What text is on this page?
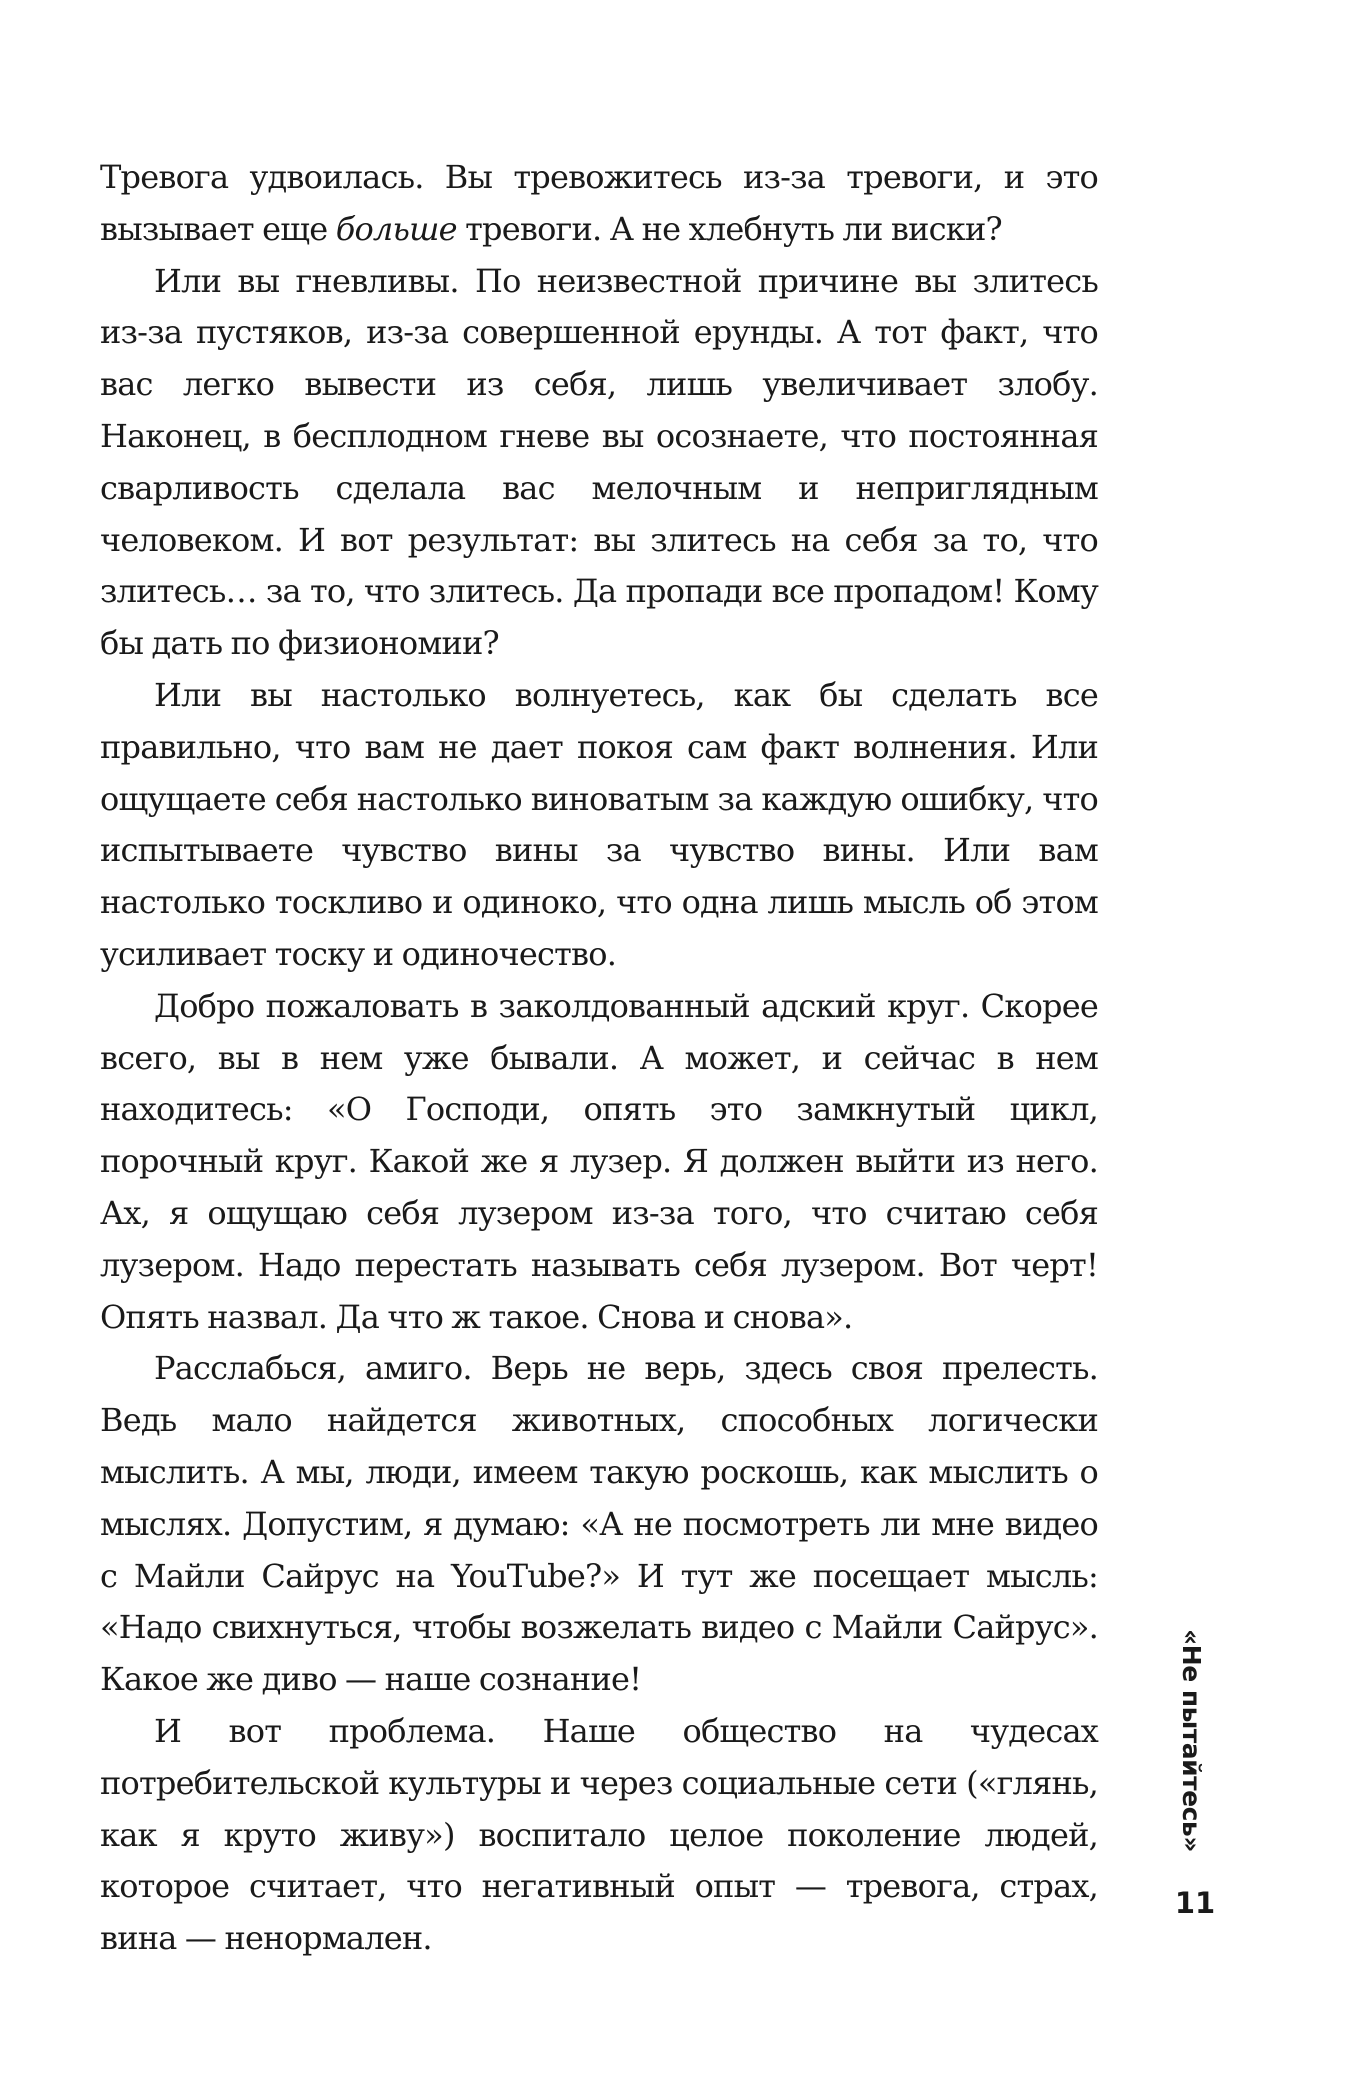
Тревога удвоилась. Вы тревожитесь из-за тревоги, и это вызывает еще больше тревоги. А не хлебнуть ли виски?

Или вы гневливы. По неизвестной причине вы злитесь из-за пустяков, из-за совершенной ерунды. А тот факт, что вас легко вывести из себя, лишь увеличивает злобу. Наконец, в бесплодном гневе вы осознаете, что постоянная сварливость сделала вас мелочным и неприглядным человеком. И вот результат: вы злитесь на себя за то, что злитесь… за то, что злитесь. Да пропади все пропадом! Кому бы дать по физиономии?

Или вы настолько волнуетесь, как бы сделать все правильно, что вам не дает покоя сам факт волнения. Или ощущаете себя настолько виноватым за каждую ошибку, что испытываете чувство вины за чувство вины. Или вам настолько тоскливо и одиноко, что одна лишь мысль об этом усиливает тоску и одиночество.

Добро пожаловать в заколдованный адский круг. Скорее всего, вы в нем уже бывали. А может, и сейчас в нем находитесь: «О Господи, опять это замкнутый цикл, порочный круг. Какой же я лузер. Я должен выйти из него. Ах, я ощущаю себя лузером из-за того, что считаю себя лузером. Надо перестать называть себя лузером. Вот черт! Опять назвал. Да что ж такое. Снова и снова».

Расслабься, амиго. Верь не верь, здесь своя прелесть. Ведь мало найдется животных, способных логически мыслить. А мы, люди, имеем такую роскошь, как мыслить о мыслях. Допустим, я думаю: «А не посмотреть ли мне видео с Майли Сайрус на YouTube?» И тут же посещает мысль: «Надо свихнуться, чтобы возжелать видео с Майли Сайрус». Какое же диво — наше сознание!

И вот проблема. Наше общество на чудесах потребительской культуры и через социальные сети («глянь, как я круто живу») воспитало целое поколение людей, которое считает, что негативный опыт — тревога, страх, вина — ненормален.

«Не пытайтесь»
11
